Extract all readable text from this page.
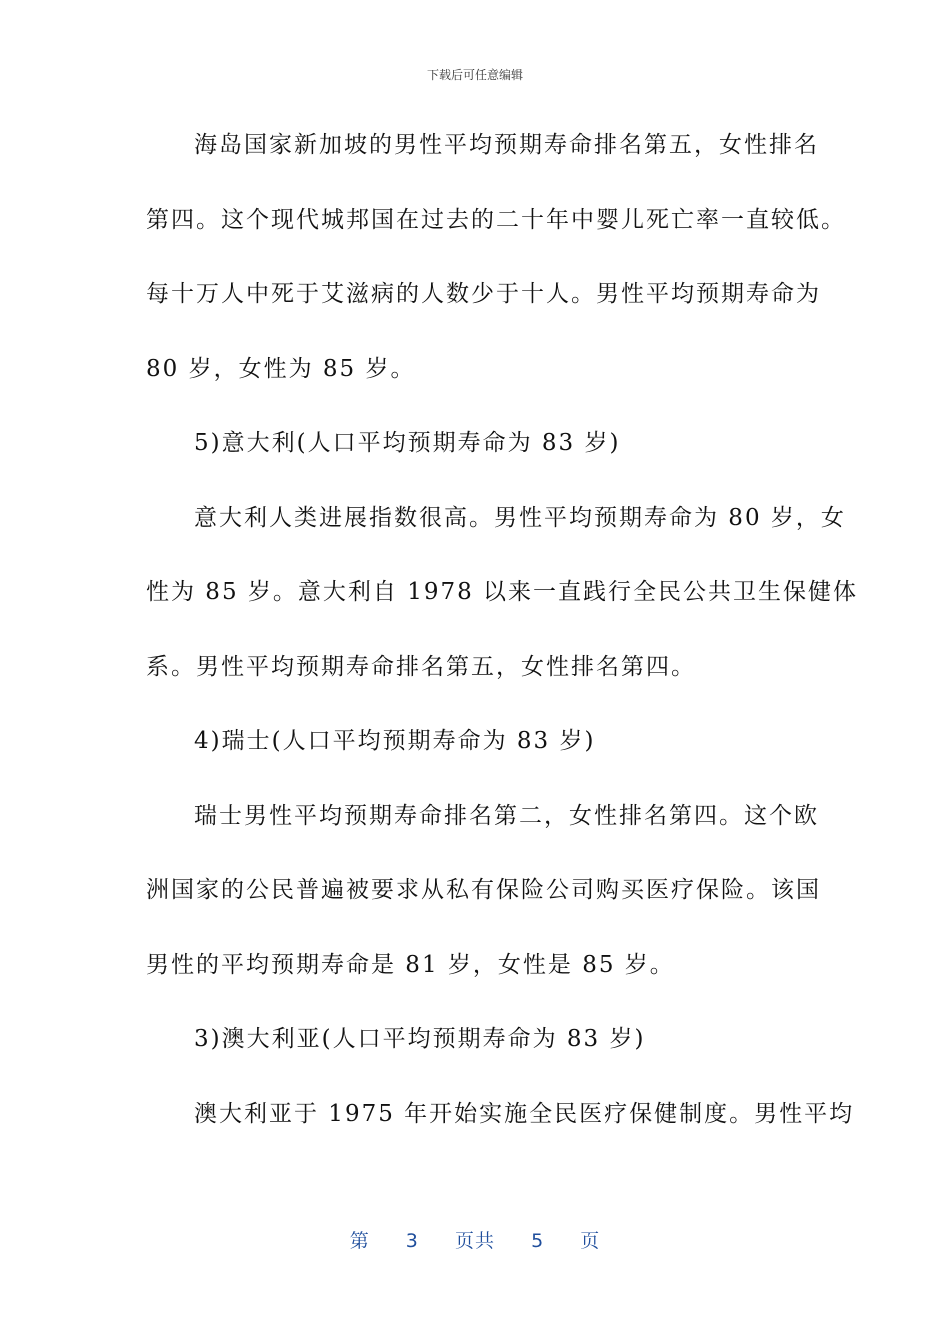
下载后可任意编辑
海岛国家新加坡的男性平均预期寿命排名第五，女性排名
第四。这个现代城邦国在过去的二十年中婴儿死亡率一直较低。
每十万人中死于艾滋病的人数少于十人。男性平均预期寿命为
80 岁，女性为 85 岁。
5)意大利(人口平均预期寿命为 83 岁)
意大利人类进展指数很高。男性平均预期寿命为 80 岁，女
性为 85 岁。意大利自 1978 以来一直践行全民公共卫生保健体
系。男性平均预期寿命排名第五，女性排名第四。
4)瑞士(人口平均预期寿命为 83 岁)
瑞士男性平均预期寿命排名第二，女性排名第四。这个欧
洲国家的公民普遍被要求从私有保险公司购买医疗保险。该国
男性的平均预期寿命是 81 岁，女性是 85 岁。
3)澳大利亚(人口平均预期寿命为 83 岁)
澳大利亚于 1975 年开始实施全民医疗保健制度。男性平均
第 3 页共 5 页
